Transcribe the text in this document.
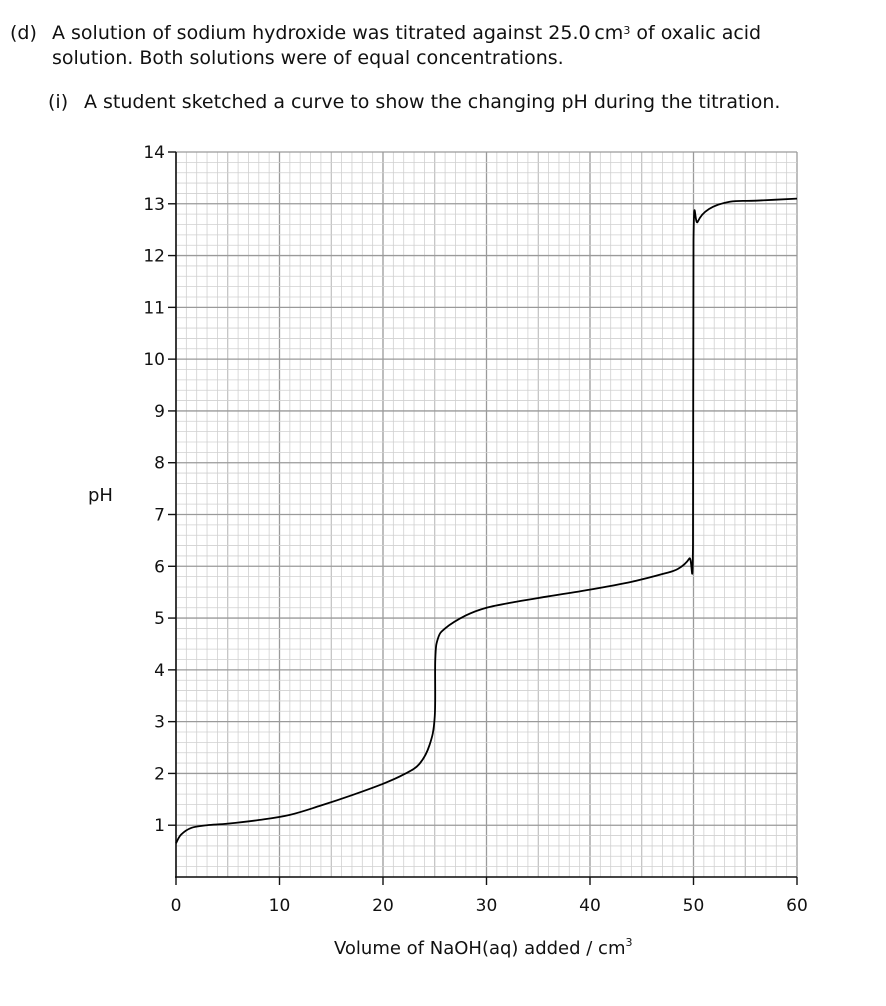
(d) A solution of sodium hydroxide was titrated against 25.0 $cm^3$ of oxalic acid
solution. Both solutions were of equal concentrations.
(i) A student sketched a curve to show the changing pH during the titration.
1
2
3
4
5
6
7
8
9
10
11
12
13
14
0	10	20	30	40	50	60
pH
Volume of NaOH(aq) added / $cm^3$
